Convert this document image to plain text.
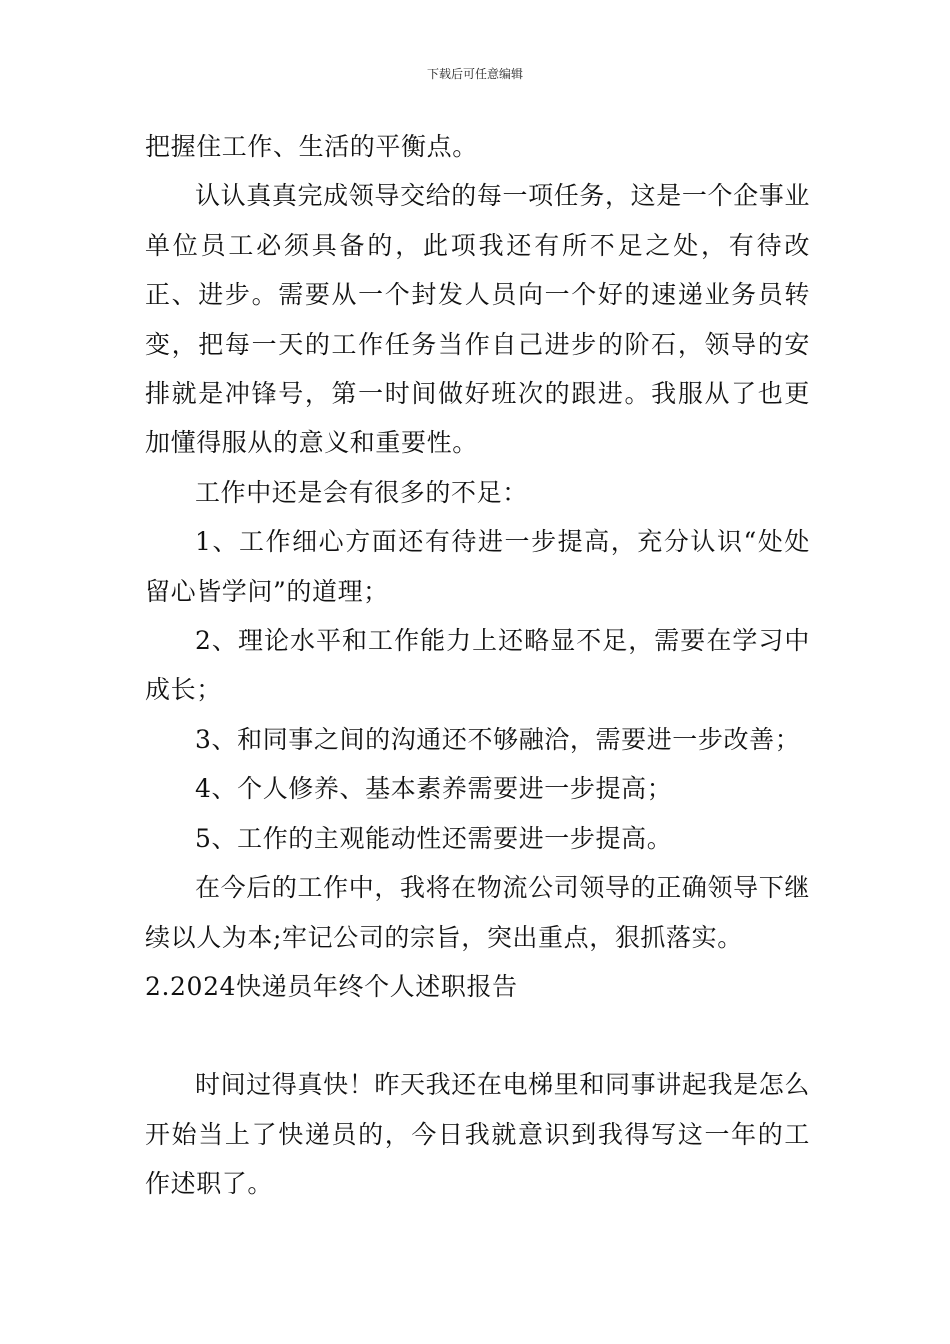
下载后可任意编辑

把握住工作、生活的平衡点。

认认真真完成领导交给的每一项任务，这是一个企事业单位员工必须具备的，此项我还有所不足之处，有待改正、进步。需要从一个封发人员向一个好的速递业务员转变，把每一天的工作任务当作自己进步的阶石，领导的安排就是冲锋号，第一时间做好班次的跟进。我服从了也更加懂得服从的意义和重要性。

工作中还是会有很多的不足：

1、工作细心方面还有待进一步提高，充分认识“处处留心皆学问”的道理；

2、理论水平和工作能力上还略显不足，需要在学习中成长；

3、和同事之间的沟通还不够融洽，需要进一步改善；

4、个人修养、基本素养需要进一步提高；

5、工作的主观能动性还需要进一步提高。

在今后的工作中，我将在物流公司领导的正确领导下继续以人为本;牢记公司的宗旨，突出重点，狠抓落实。

2.2024快递员年终个人述职报告

时间过得真快！昨天我还在电梯里和同事讲起我是怎么开始当上了快递员的，今日我就意识到我得写这一年的工作述职了。
